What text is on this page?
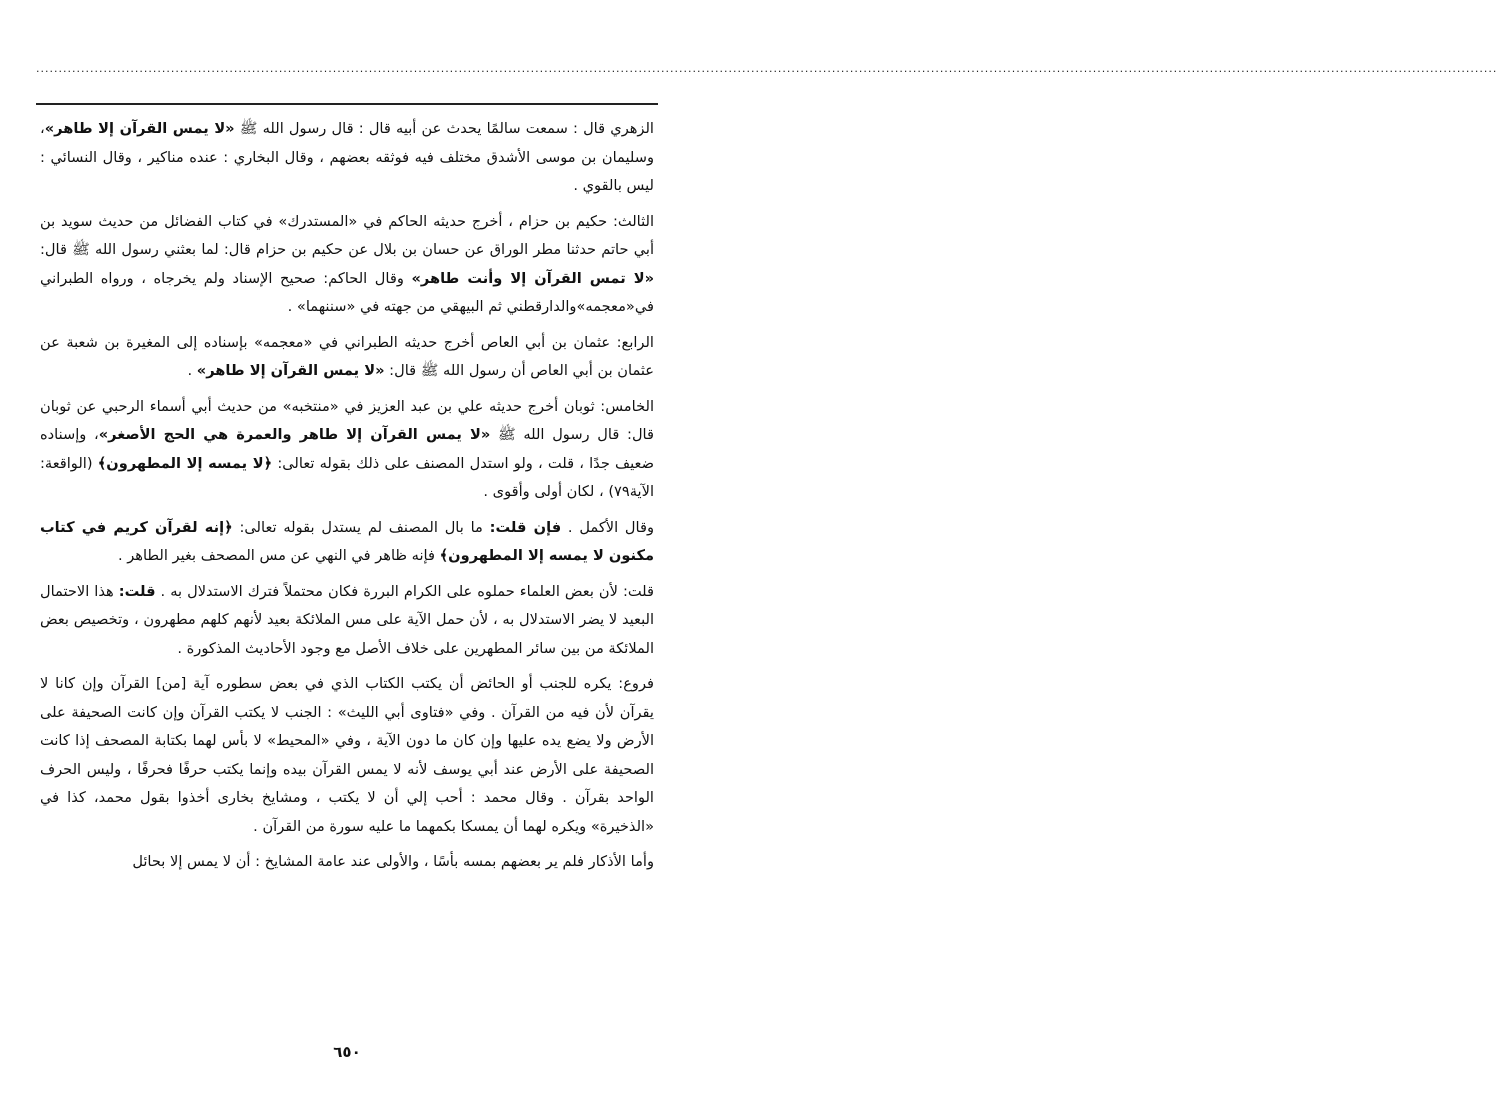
.....................................................................................................................................................................................................................................................................................................................................

الزهري قال : سمعت سالمًا يحدث عن أبيه قال : قال رسول الله ﷺ «لا يمس القرآن إلا طاهر»، وسليمان بن موسى الأشدق مختلف فيه فوثقه بعضهم ، وقال البخاري : عنده مناكير ، وقال النسائي : ليس بالقوي .

الثالث: حكيم بن حزام ، أخرج حديثه الحاكم في «المستدرك» في كتاب الفضائل من حديث سويد بن أبي حاتم حدثنا مطر الوراق عن حسان بن بلال عن حكيم بن حزام قال: لما بعثني رسول الله ﷺ قال: «لا تمس القرآن إلا وأنت طاهر» وقال الحاكم: صحيح الإسناد ولم يخرجاه ، ورواه الطبراني في«معجمه»والدارقطني ثم البيهقي من جهته في «سننهما» .

الرابع: عثمان بن أبي العاص أخرج حديثه الطبراني في «معجمه» بإسناده إلى المغيرة بن شعبة عن عثمان بن أبي العاص أن رسول الله ﷺ قال: «لا يمس القرآن إلا طاهر» .

الخامس: ثوبان أخرج حديثه علي بن عبد العزيز في «منتخبه» من حديث أبي أسماء الرحبي عن ثوبان قال: قال رسول الله ﷺ «لا يمس القرآن إلا طاهر والعمرة هي الحج الأصغر»، وإسناده ضعيف جدًا ، قلت ، ولو استدل المصنف على ذلك بقوله تعالى: ﴿لا يمسه إلا المطهرون﴾ (الواقعة: الآية٧٩) ، لكان أولى وأقوى .

وقال الأكمل . فإن قلت: ما بال المصنف لم يستدل بقوله تعالى: ﴿إنه لقرآن كريم في كتاب مكنون لا يمسه إلا المطهرون﴾ فإنه ظاهر في النهي عن مس المصحف بغير الطاهر .

قلت: لأن بعض العلماء حملوه على الكرام البررة فكان محتملاً فترك الاستدلال به . قلت: هذا الاحتمال البعيد لا يضر الاستدلال به ، لأن حمل الآية على مس الملائكة بعيد لأنهم كلهم مطهرون ، وتخصيص بعض الملائكة من بين سائر المطهرين على خلاف الأصل مع وجود الأحاديث المذكورة .

فروع: يكره للجنب أو الحائض أن يكتب الكتاب الذي في بعض سطوره آية [من] القرآن وإن كانا لا يقرآن لأن فيه من القرآن . وفي «فتاوى أبي الليث» : الجنب لا يكتب القرآن وإن كانت الصحيفة على الأرض ولا يضع يده عليها وإن كان ما دون الآية ، وفي «المحيط» لا بأس لهما بكتابة المصحف إذا كانت الصحيفة على الأرض عند أبي يوسف لأنه لا يمس القرآن بيده وإنما يكتب حرفًا فحرفًا ، وليس الحرف الواحد بقرآن . وقال محمد : أحب إلي أن لا يكتب ، ومشايخ بخارى أخذوا بقول محمد، كذا في «الذخيرة» ويكره لهما أن يمسكا بكمهما ما عليه سورة من القرآن .

وأما الأذكار فلم ير بعضهم بمسه بأسًا ، والأولى عند عامة المشايخ : أن لا يمس إلا بحائل

٦٥٠
